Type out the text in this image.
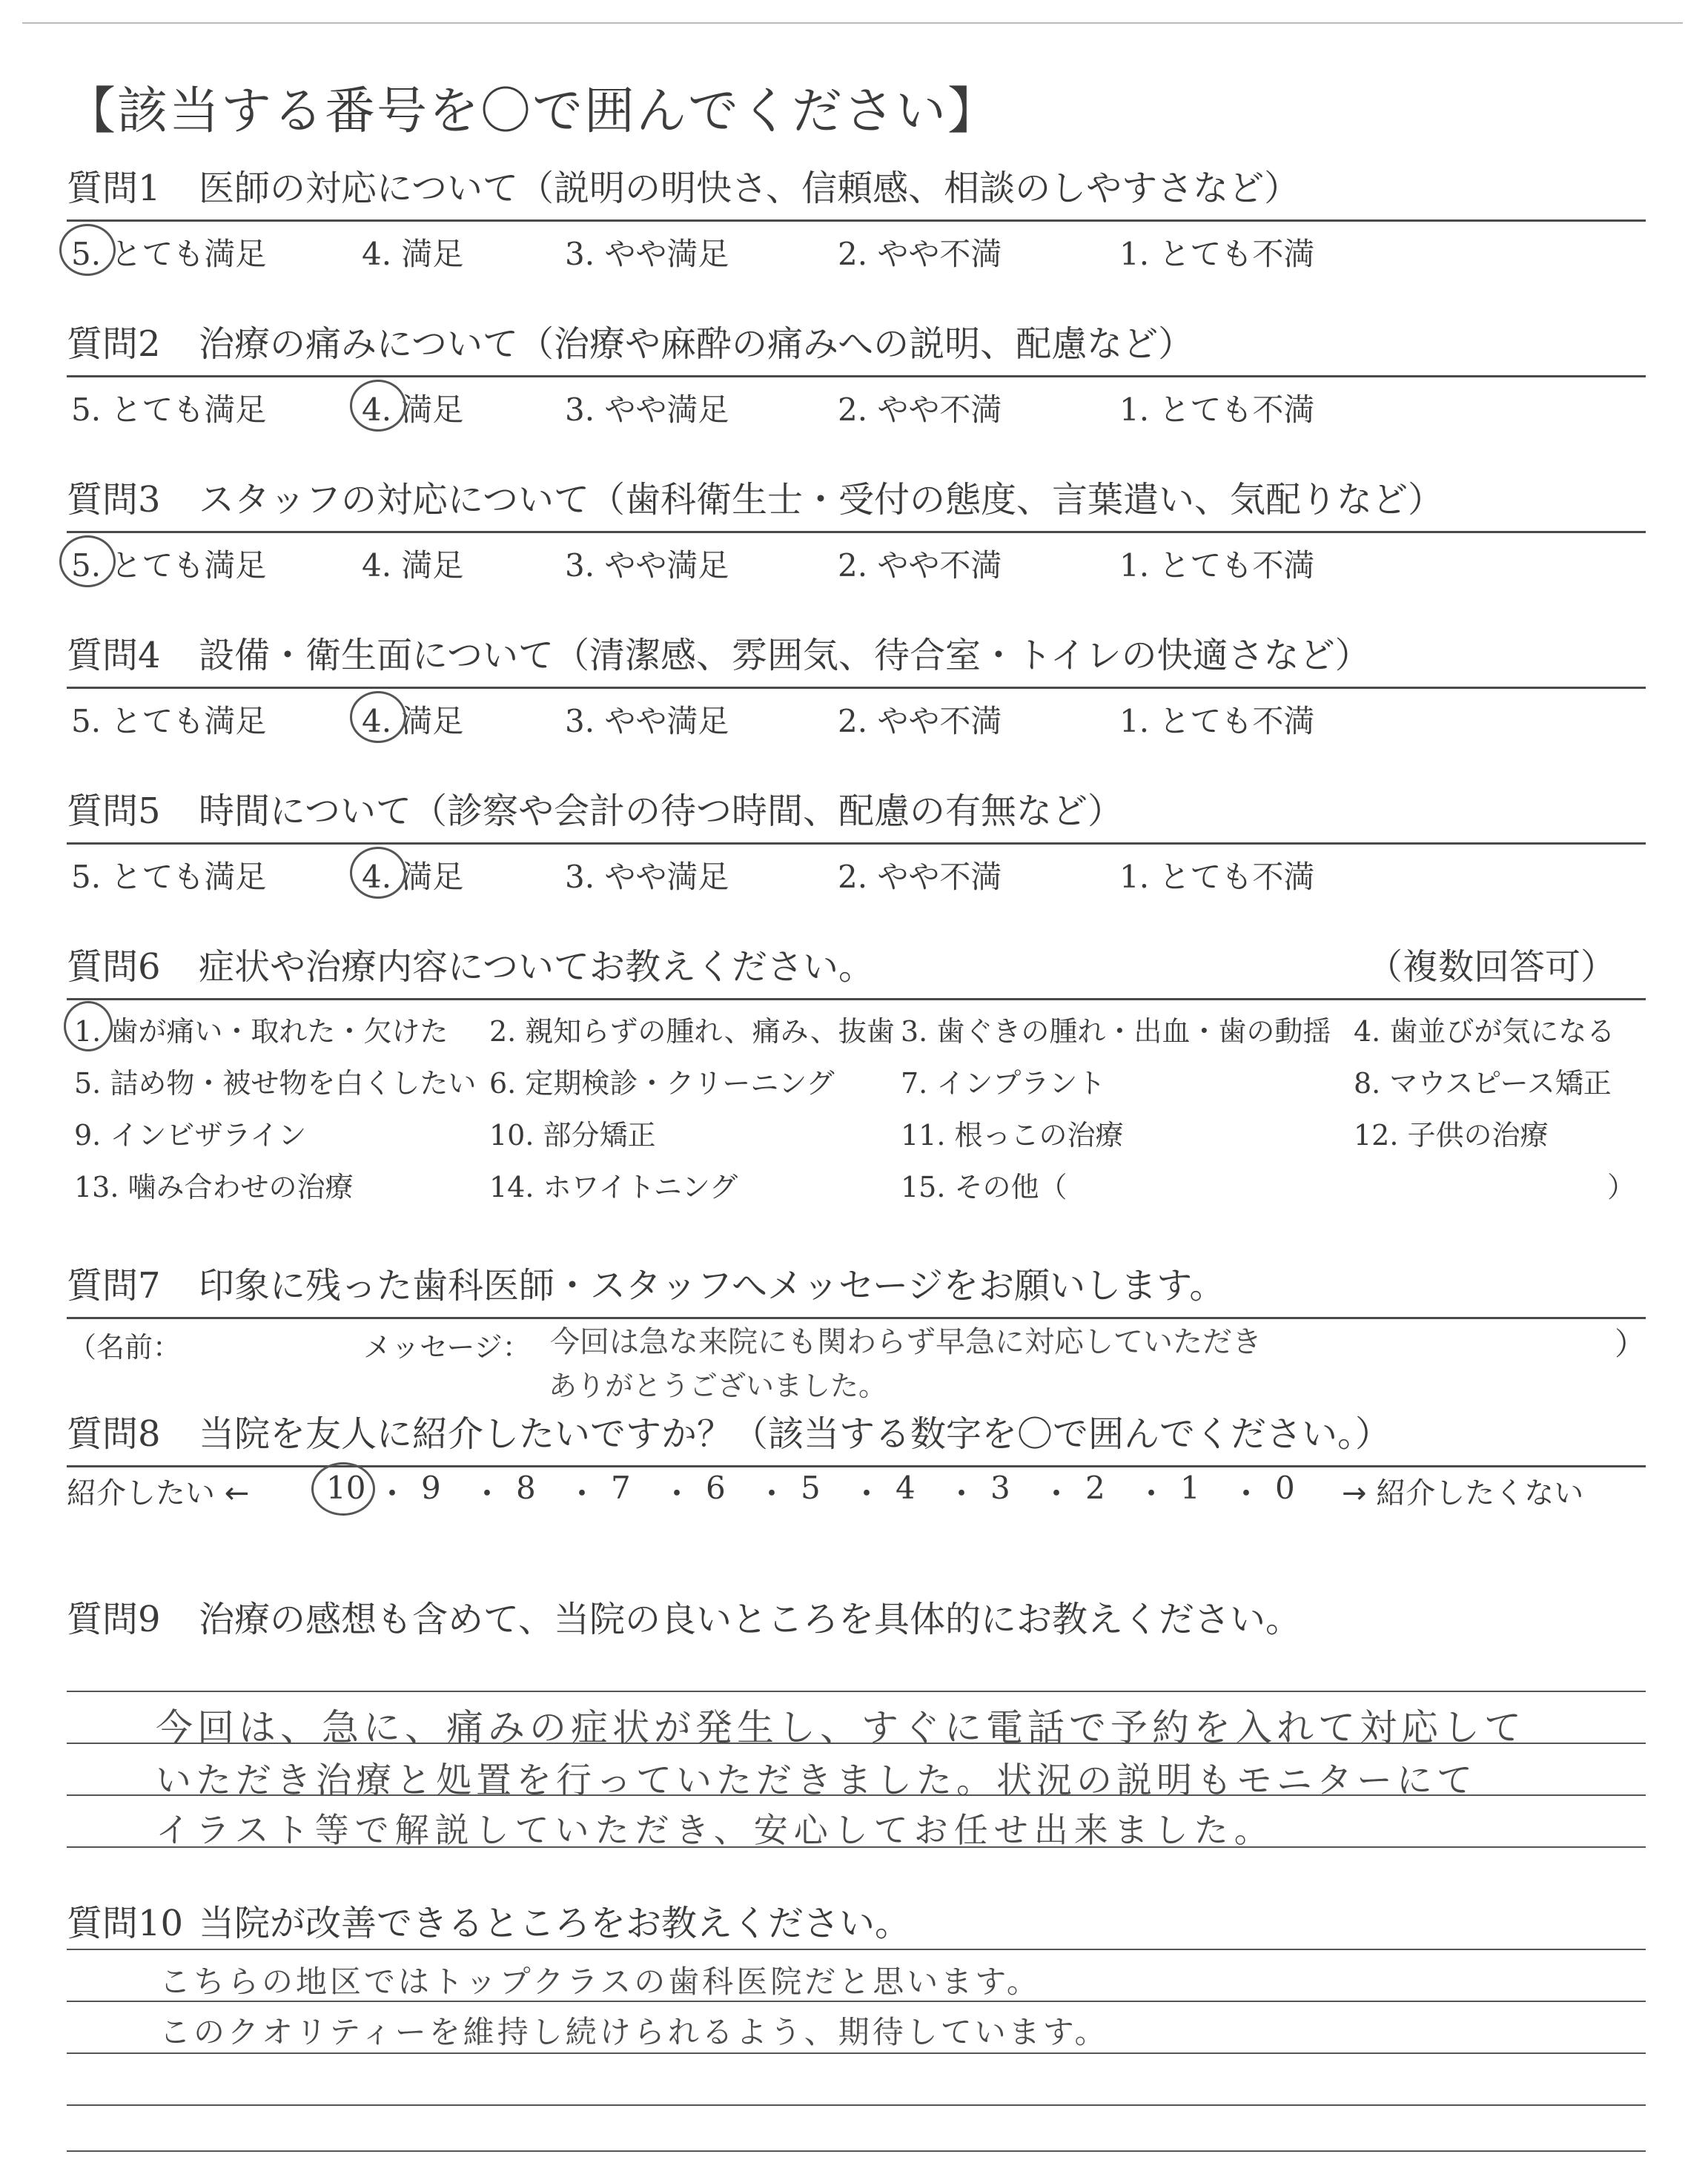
【該当する番号を〇で囲んでください】
質問1 医師の対応について（説明の明快さ、信頼感、相談のしやすさなど）
質問2 治療の痛みについて（治療や麻酔の痛みへの説明、配慮など）
質問3 スタッフの対応について（歯科衛生士・受付の態度、言葉遣い、気配りなど）
質問4 設備・衛生面について（清潔感、雰囲気、待合室・トイレの快適さなど）
質問5 時間について（診察や会計の待つ時間、配慮の有無など）
5. とても満足	4. 満足	3. やや満足	2. やや不満	1. とても不満
5. とても満足	4. 満足	3. やや満足	2. やや不満	1. とても不満
5. とても満足	4. 満足	3. やや満足	2. やや不満	1. とても不満
5. とても満足	4. 満足	3. やや満足	2. やや不満	1. とても不満
5. とても満足	4. 満足	3. やや満足	2. やや不満	1. とても不満
質問6 症状や治療内容についてお教えください。	（複数回答可）
1. 歯が痛い・取れた・欠けた 2. 親知らずの腫れ、痛み、抜歯 3. 歯ぐきの腫れ・出血・歯の動揺 4. 歯並びが気になる
5. 詰め物・被せ物を白くしたい 6. 定期検診・クリーニング 7. インプラント	8. マウスピース矯正
9. インビザライン	10. 部分矯正	11. 根っこの治療	12. 子供の治療
13. 噛み合わせの治療	14. ホワイトニング	15. その他（	）
質問7 印象に残った歯科医師・スタッフへメッセージをお願いします。
（名前：	メッセージ： 今回は急な来院にも関わらず早急に対応していただき
ありがとうございました。
）
質問8 当院を友人に紹介したいですか？（該当する数字を〇で囲んでください。）
紹介したい ← 10 ・ 9 ・ 8 ・ 7 ・ 6 ・ 5 ・ 4 ・ 3 ・ 2 ・ 1 ・ 0 → 紹介したくない
質問9 治療の感想も含めて、当院の良いところを具体的にお教えください。
今回は、急に、痛みの症状が発生し、すぐに電話で予約を入れて対応して
いただき治療と処置を行っていただきました。状況の説明もモニターにて
イラスト等で解説していただき、安心してお任せ出来ました。
質問10 当院が改善できるところをお教えください。
こちらの地区ではトップクラスの歯科医院だと思います。
このクオリティーを維持し続けられるよう、期待しています。
